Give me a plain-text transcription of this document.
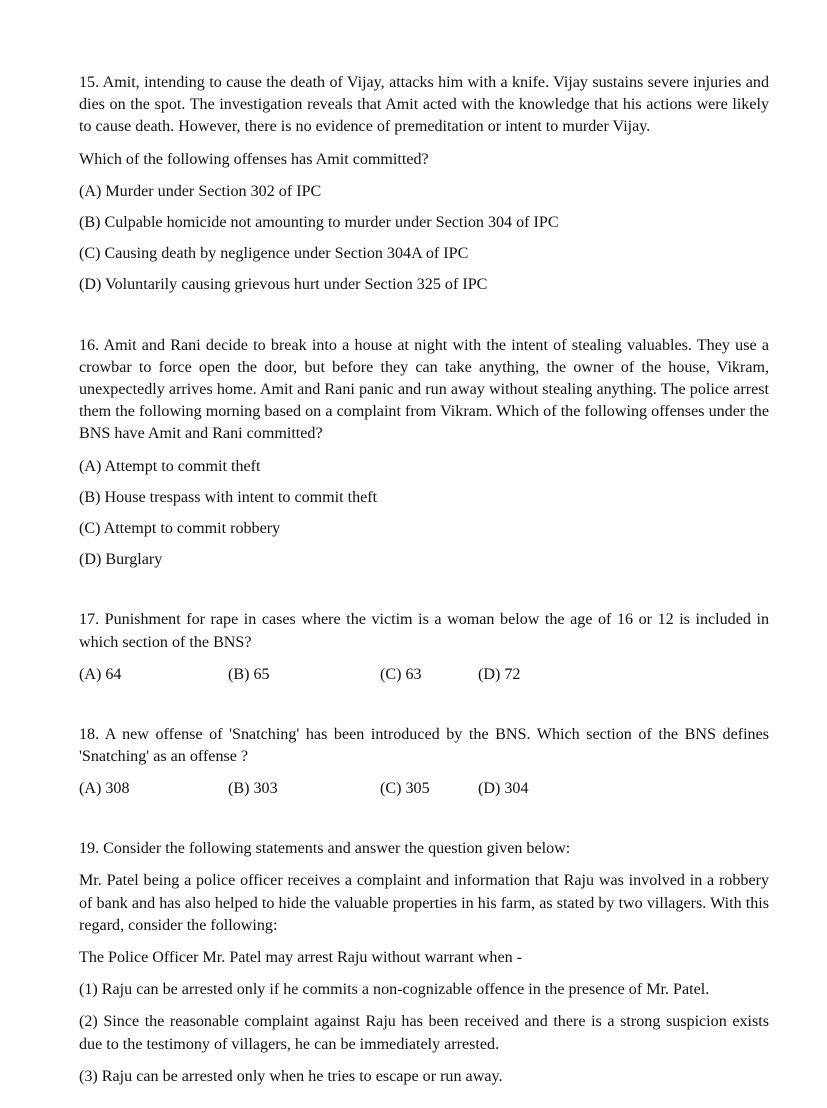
15. Amit, intending to cause the death of Vijay, attacks him with a knife. Vijay sustains severe injuries and dies on the spot. The investigation reveals that Amit acted with the knowledge that his actions were likely to cause death. However, there is no evidence of premeditation or intent to murder Vijay.

Which of the following offenses has Amit committed?

(A) Murder under Section 302 of IPC
(B) Culpable homicide not amounting to murder under Section 304 of IPC
(C) Causing death by negligence under Section 304A of IPC
(D) Voluntarily causing grievous hurt under Section 325 of IPC

16. Amit and Rani decide to break into a house at night with the intent of stealing valuables. They use a crowbar to force open the door, but before they can take anything, the owner of the house, Vikram, unexpectedly arrives home. Amit and Rani panic and run away without stealing anything. The police arrest them the following morning based on a complaint from Vikram. Which of the following offenses under the BNS have Amit and Rani committed?

(A) Attempt to commit theft
(B) House trespass with intent to commit theft
(C) Attempt to commit robbery
(D) Burglary

17. Punishment for rape in cases where the victim is a woman below the age of 16 or 12 is included in which section of the BNS?

(A) 64	(B) 65	(C) 63	(D) 72

18. A new offense of 'Snatching' has been introduced by the BNS. Which section of the BNS defines 'Snatching' as an offense ?

(A) 308	(B) 303	(C) 305	(D) 304

19. Consider the following statements and answer the question given below:

Mr. Patel being a police officer receives a complaint and information that Raju was involved in a robbery of bank and has also helped to hide the valuable properties in his farm, as stated by two villagers. With this regard, consider the following:

The Police Officer Mr. Patel may arrest Raju without warrant when -

(1) Raju can be arrested only if he commits a non-cognizable offence in the presence of Mr. Patel.

(2) Since the reasonable complaint against Raju has been received and there is a strong suspicion exists due to the testimony of villagers, he can be immediately arrested.

(3) Raju can be arrested only when he tries to escape or run away.
